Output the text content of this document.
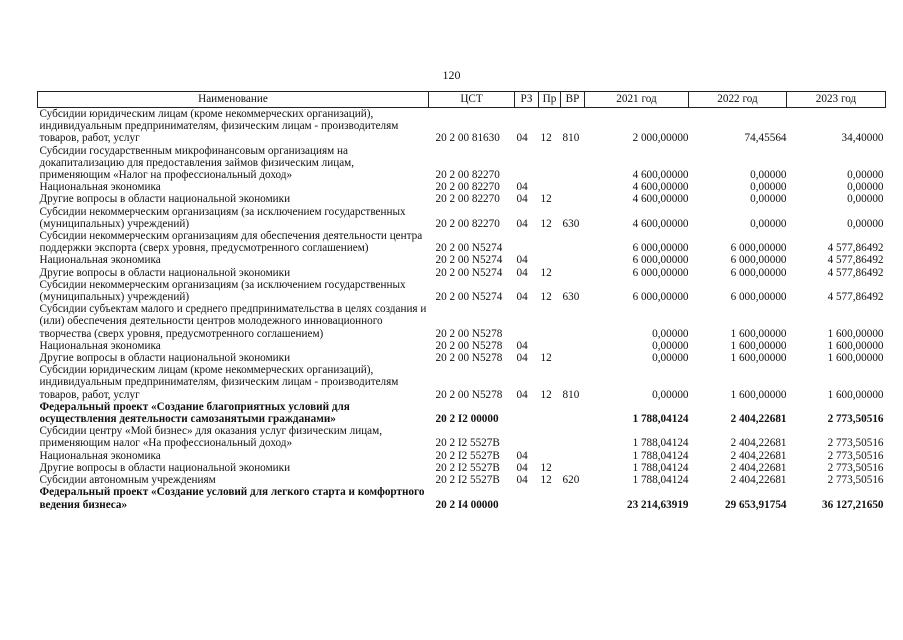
120
Наименование	ЦСТ	РЗ	Пр	ВР	2021 год	2022 год	2023 год
Субсидии юридическим лицам (кроме некоммерческих организаций), индивидуальным предпринимателям, физическим лицам - производителям товаров, работ, услуг	20 2 00 81630	04	12	810	2 000,00000	74,45564	34,40000
Субсидии государственным микрофинансовым организациям на докапитализацию для предоставления займов физическим лицам, применяющим «Налог на профессиональный доход»	20 2 00 82270				4 600,00000	0,00000	0,00000
Национальная экономика	20 2 00 82270	04			4 600,00000	0,00000	0,00000
Другие вопросы в области национальной экономики	20 2 00 82270	04	12		4 600,00000	0,00000	0,00000
Субсидии некоммерческим организациям (за исключением государственных (муниципальных) учреждений)	20 2 00 82270	04	12	630	4 600,00000	0,00000	0,00000
Субсидии некоммерческим организациям для обеспечения деятельности центра поддержки экспорта (сверх уровня, предусмотренного соглашением)	20 2 00 N5274				6 000,00000	6 000,00000	4 577,86492
Национальная экономика	20 2 00 N5274	04			6 000,00000	6 000,00000	4 577,86492
Другие вопросы в области национальной экономики	20 2 00 N5274	04	12		6 000,00000	6 000,00000	4 577,86492
Субсидии некоммерческим организациям (за исключением государственных (муниципальных) учреждений)	20 2 00 N5274	04	12	630	6 000,00000	6 000,00000	4 577,86492
Субсидии субъектам малого и среднего предпринимательства в целях создания и (или) обеспечения деятельности центров молодежного инновационного творчества (сверх уровня, предусмотренного соглашением)	20 2 00 N5278				0,00000	1 600,00000	1 600,00000
Национальная экономика	20 2 00 N5278	04			0,00000	1 600,00000	1 600,00000
Другие вопросы в области национальной экономики	20 2 00 N5278	04	12		0,00000	1 600,00000	1 600,00000
Субсидии юридическим лицам (кроме некоммерческих организаций), индивидуальным предпринимателям, физическим лицам - производителям товаров, работ, услуг	20 2 00 N5278	04	12	810	0,00000	1 600,00000	1 600,00000
Федеральный проект «Создание благоприятных условий для осуществления деятельности самозанятыми гражданами»	20 2 I2 00000				1 788,04124	2 404,22681	2 773,50516
Субсидии центру «Мой бизнес» для оказания услуг физическим лицам, применяющим налог «На профессиональный доход»	20 2 I2 5527B				1 788,04124	2 404,22681	2 773,50516
Национальная экономика	20 2 I2 5527B	04			1 788,04124	2 404,22681	2 773,50516
Другие вопросы в области национальной экономики	20 2 I2 5527B	04	12		1 788,04124	2 404,22681	2 773,50516
Субсидии автономным учреждениям	20 2 I2 5527B	04	12	620	1 788,04124	2 404,22681	2 773,50516
Федеральный проект «Создание условий для легкого старта и комфортного ведения бизнеса»	20 2 I4 00000				23 214,63919	29 653,91754	36 127,21650
